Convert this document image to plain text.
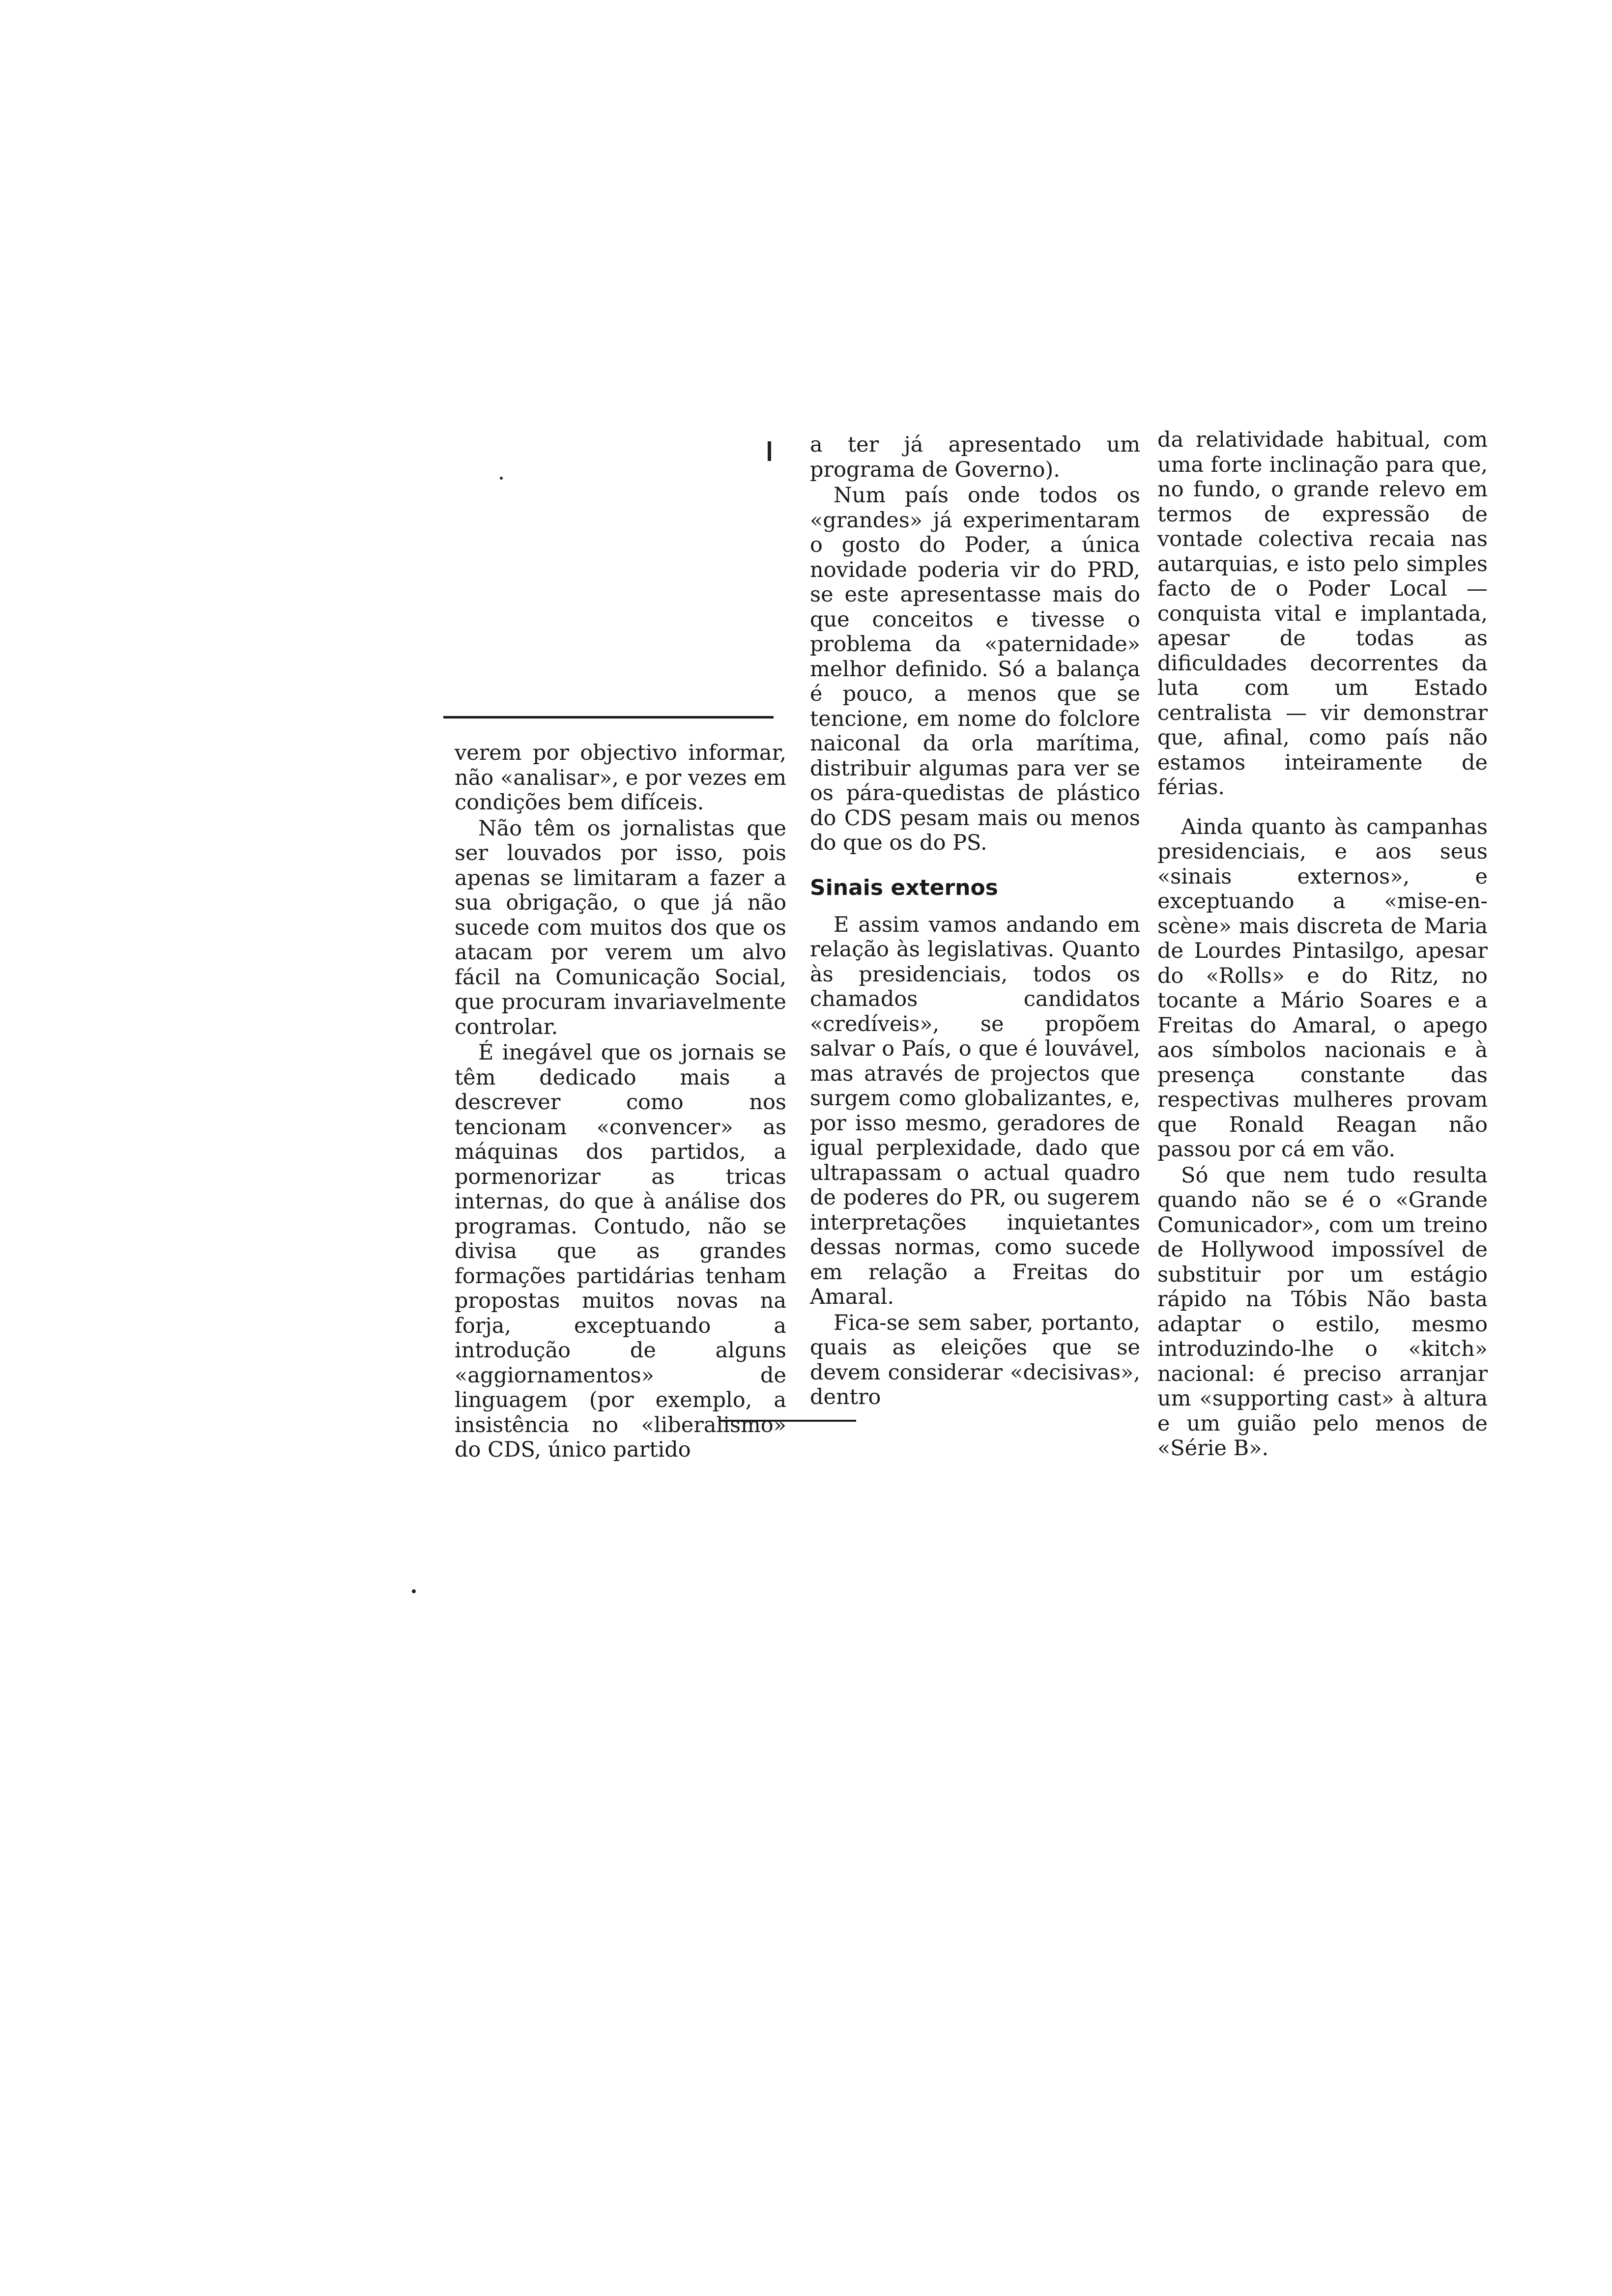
verem por objectivo informar, não «analisar», e por vezes em condições bem difíceis.

Não têm os jornalistas que ser louvados por isso, pois apenas se limitaram a fazer a sua obrigação, o que já não sucede com muitos dos que os atacam por verem um alvo fácil na Comunicação Social, que procuram invariavelmente controlar.

É inegável que os jornais se têm dedicado mais a descrever como nos tencionam «convencer» as máquinas dos partidos, a pormenorizar as tricas internas, do que à análise dos programas. Contudo, não se divisa que as grandes formações partidárias tenham propostas muitos novas na forja, exceptuando a introdução de alguns «aggiornamentos» de linguagem (por exemplo, a insistência no «liberalismo» do CDS, único partido

a ter já apresentado um programa de Governo).

Num país onde todos os «grandes» já experimentaram o gosto do Poder, a única novidade poderia vir do PRD, se este apresentasse mais do que conceitos e tivesse o problema da «paternidade» melhor definido. Só a balança é pouco, a menos que se tencione, em nome do folclore naiconal da orla marítima, distribuir algumas para ver se os pára-quedistas de plástico do CDS pesam mais ou menos do que os do PS.

Sinais externos

E assim vamos andando em relação às legislativas. Quanto às presidenciais, todos os chamados candidatos «credíveis», se propõem salvar o País, o que é louvável, mas através de projectos que surgem como globalizantes, e, por isso mesmo, geradores de igual perplexidade, dado que ultrapassam o actual quadro de poderes do PR, ou sugerem interpretações inquietantes dessas normas, como sucede em relação a Freitas do Amaral.

Fica-se sem saber, portanto, quais as eleições que se devem considerar «decisivas», dentro

da relatividade habitual, com uma forte inclinação para que, no fundo, o grande relevo em termos de expressão de vontade colectiva recaia nas autarquias, e isto pelo simples facto de o Poder Local — conquista vital e implantada, apesar de todas as dificuldades decorrentes da luta com um Estado centralista — vir demonstrar que, afinal, como país não estamos inteiramente de férias.

Ainda quanto às campanhas presidenciais, e aos seus «sinais externos», e exceptuando a «mise-en-scène» mais discreta de Maria de Lourdes Pintasilgo, apesar do «Rolls» e do Ritz, no tocante a Mário Soares e a Freitas do Amaral, o apego aos símbolos nacionais e à presença constante das respectivas mulheres provam que Ronald Reagan não passou por cá em vão.

Só que nem tudo resulta quando não se é o «Grande Comunicador», com um treino de Hollywood impossível de substituir por um estágio rápido na Tóbis Não basta adaptar o estilo, mesmo introduzindo-lhe o «kitch» nacional: é preciso arranjar um «supporting cast» à altura e um guião pelo menos de «Série B».
